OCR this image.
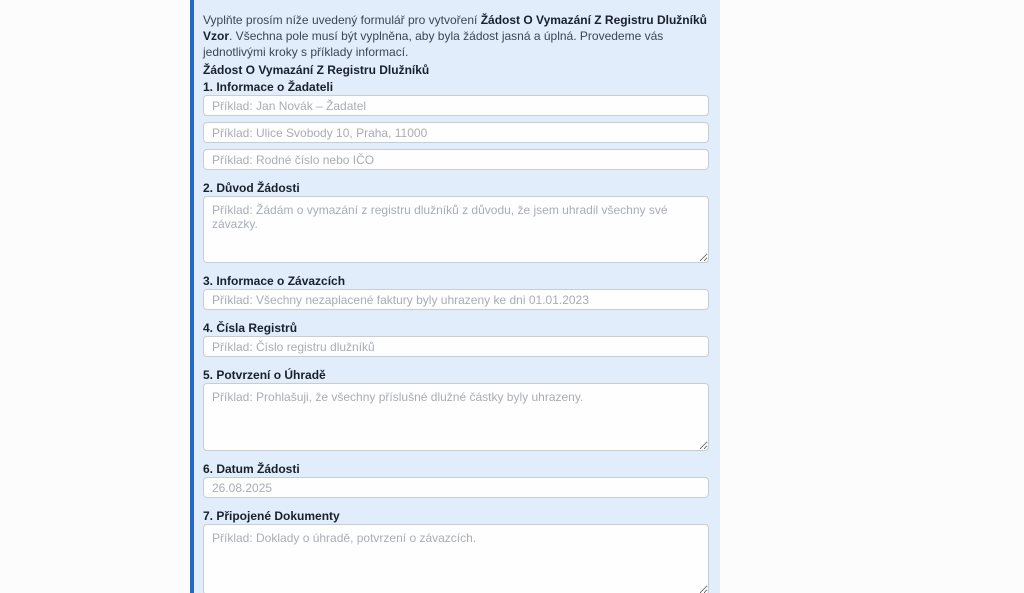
Vyplňte prosím níže uvedený formulář pro vytvoření Žádost O Vymazání Z Registru Dlužníků Vzor. Všechna pole musí být vyplněna, aby byla žádost jasná a úplná. Provedeme vás jednotlivými kroky s příklady informací.

Žádost O Vymazání Z Registru Dlužníků

1. Informace o Žadateli
Příklad: Jan Novák – Žadatel
Příklad: Ulice Svobody 10, Praha, 11000
Příklad: Rodné číslo nebo IČO
2. Důvod Žádosti
Příklad: Žádám o vymazání z registru dlužníků z důvodu, že jsem uhradil všechny své závazky.
3. Informace o Závazcích
Příklad: Všechny nezaplacené faktury byly uhrazeny ke dni 01.01.2023
4. Čísla Registrů
Příklad: Číslo registru dlužníků
5. Potvrzení o Úhradě
Příklad: Prohlašuji, že všechny příslušné dlužné částky byly uhrazeny.
6. Datum Žádosti
26.08.2025
7. Připojené Dokumenty
Příklad: Doklady o úhradě, potvrzení o závazcích.
